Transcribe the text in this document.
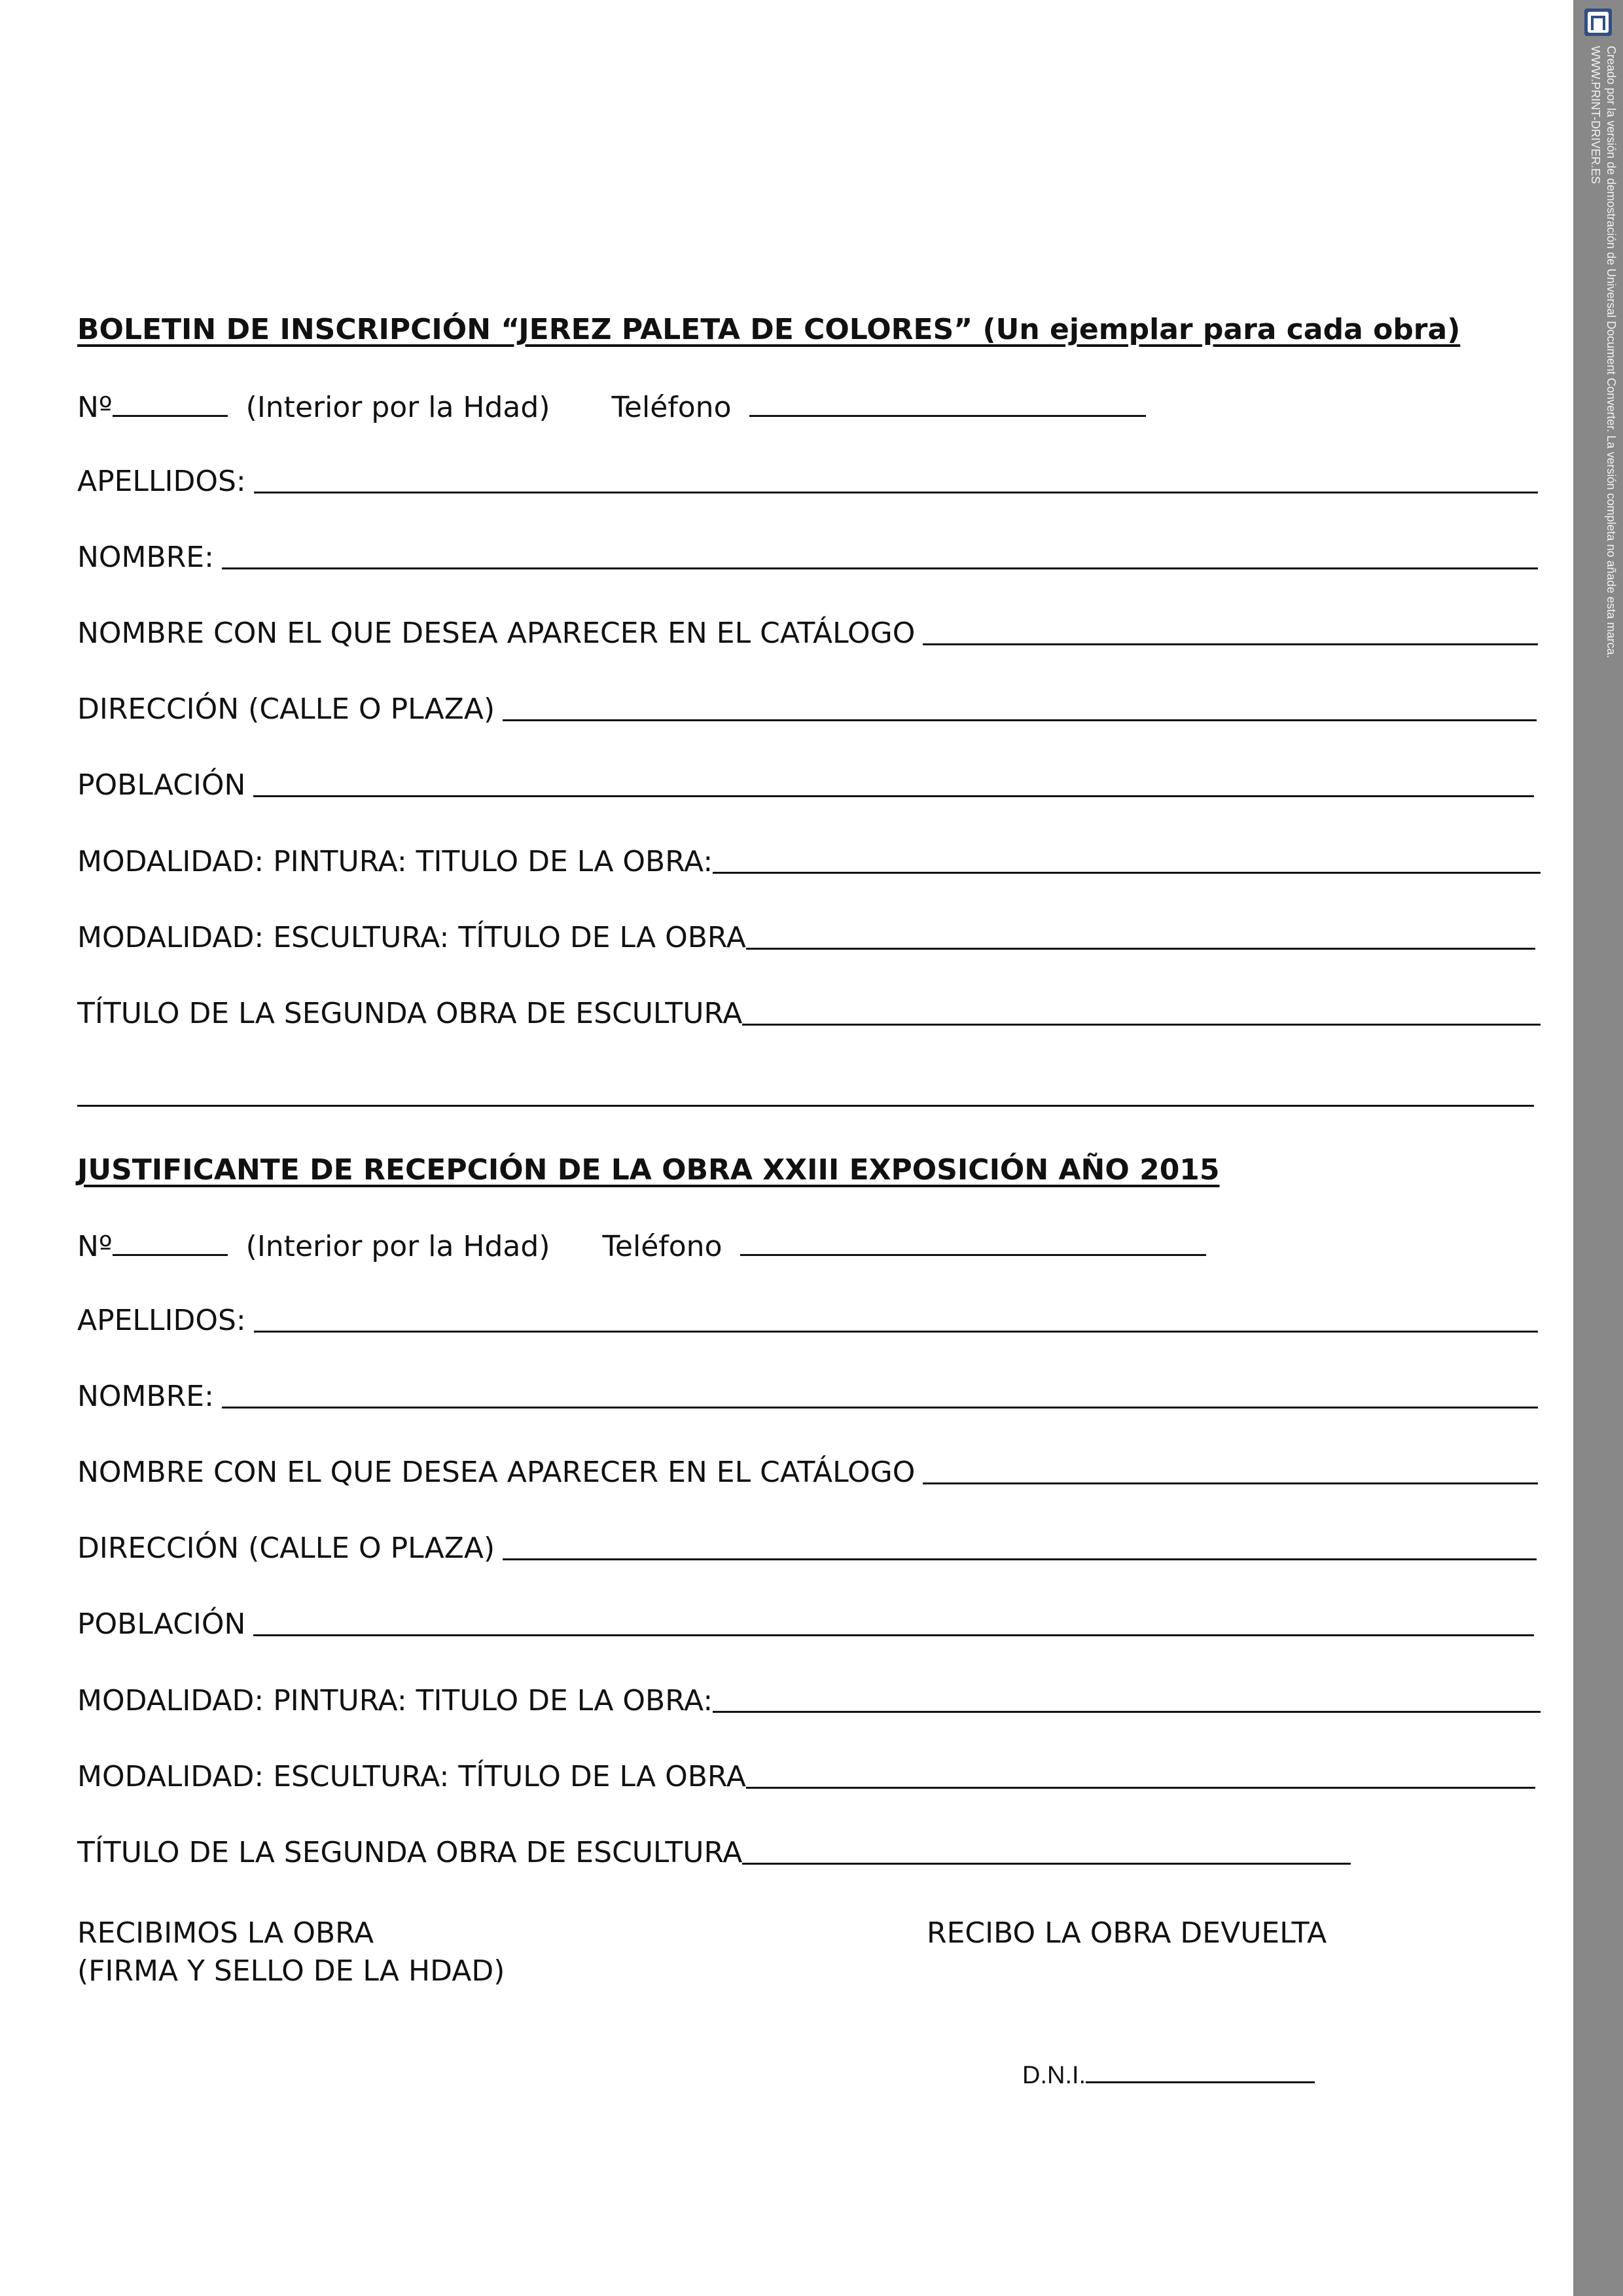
BOLETIN DE INSCRIPCIÓN “JEREZ PALETA DE COLORES” (Un ejemplar para cada obra)
Nº	(Interior por la Hdad) Teléfono
APELLIDOS:
NOMBRE:
NOMBRE CON EL QUE DESEA APARECER EN EL CATÁLOGO
DIRECCIÓN (CALLE O PLAZA)
POBLACIÓN
MODALIDAD: PINTURA: TITULO DE LA OBRA:
MODALIDAD: ESCULTURA: TÍTULO DE LA OBRA
TÍTULO DE LA SEGUNDA OBRA DE ESCULTURA
JUSTIFICANTE DE RECEPCIÓN DE LA OBRA XXIII EXPOSICIÓN AÑO 2015
Nº	(Interior por la Hdad) Teléfono
APELLIDOS:
NOMBRE:
NOMBRE CON EL QUE DESEA APARECER EN EL CATÁLOGO
DIRECCIÓN (CALLE O PLAZA)
POBLACIÓN
MODALIDAD: PINTURA: TITULO DE LA OBRA:
MODALIDAD: ESCULTURA: TÍTULO DE LA OBRA
TÍTULO DE LA SEGUNDA OBRA DE ESCULTURA
RECIBIMOS LA OBRA
(FIRMA Y SELLO DE LA HDAD)
RECIBO LA OBRA DEVUELTA
D.N.I.
Creado por la versión de demostración de Universal Document Converter. La versión completa no añade esta marca.
WWW.PRINT-DRIVER.ES
